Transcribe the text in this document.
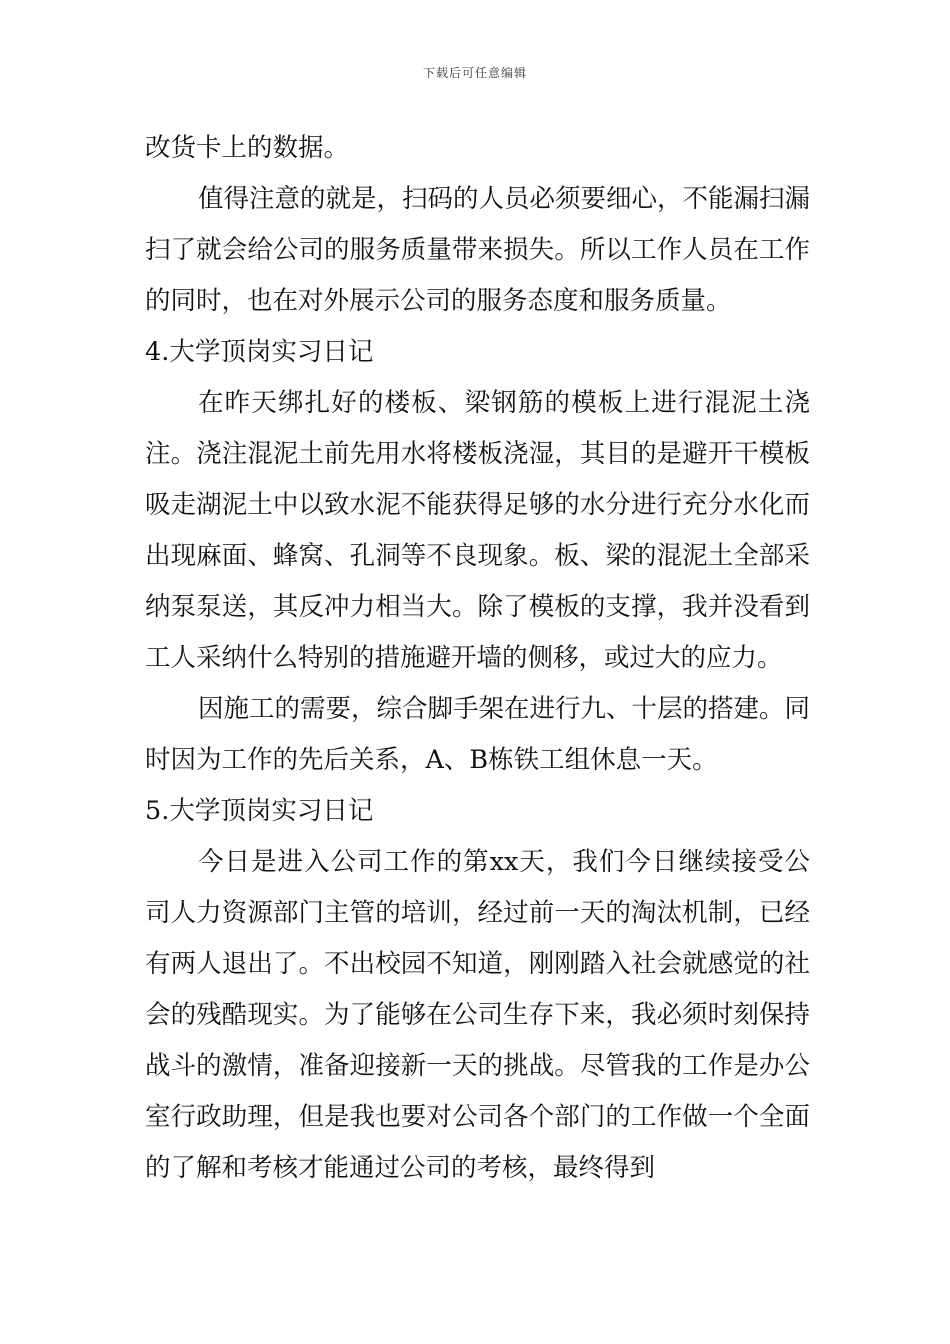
下载后可任意编辑

改货卡上的数据。

值得注意的就是，扫码的人员必须要细心，不能漏扫漏扫了就会给公司的服务质量带来损失。所以工作人员在工作的同时，也在对外展示公司的服务态度和服务质量。

4.大学顶岗实习日记

在昨天绑扎好的楼板、梁钢筋的模板上进行混泥土浇注。浇注混泥土前先用水将楼板浇湿，其目的是避开干模板吸走湖泥土中以致水泥不能获得足够的水分进行充分水化而出现麻面、蜂窝、孔洞等不良现象。板、梁的混泥土全部采纳泵泵送，其反冲力相当大。除了模板的支撑，我并没看到工人采纳什么特别的措施避开墙的侧移，或过大的应力。

因施工的需要，综合脚手架在进行九、十层的搭建。同时因为工作的先后关系，A、B栋铁工组休息一天。

5.大学顶岗实习日记

今日是进入公司工作的第xx天，我们今日继续接受公司人力资源部门主管的培训，经过前一天的淘汰机制，已经有两人退出了。不出校园不知道，刚刚踏入社会就感觉的社会的残酷现实。为了能够在公司生存下来，我必须时刻保持战斗的激情，准备迎接新一天的挑战。尽管我的工作是办公室行政助理，但是我也要对公司各个部门的工作做一个全面的了解和考核才能通过公司的考核，最终得到
